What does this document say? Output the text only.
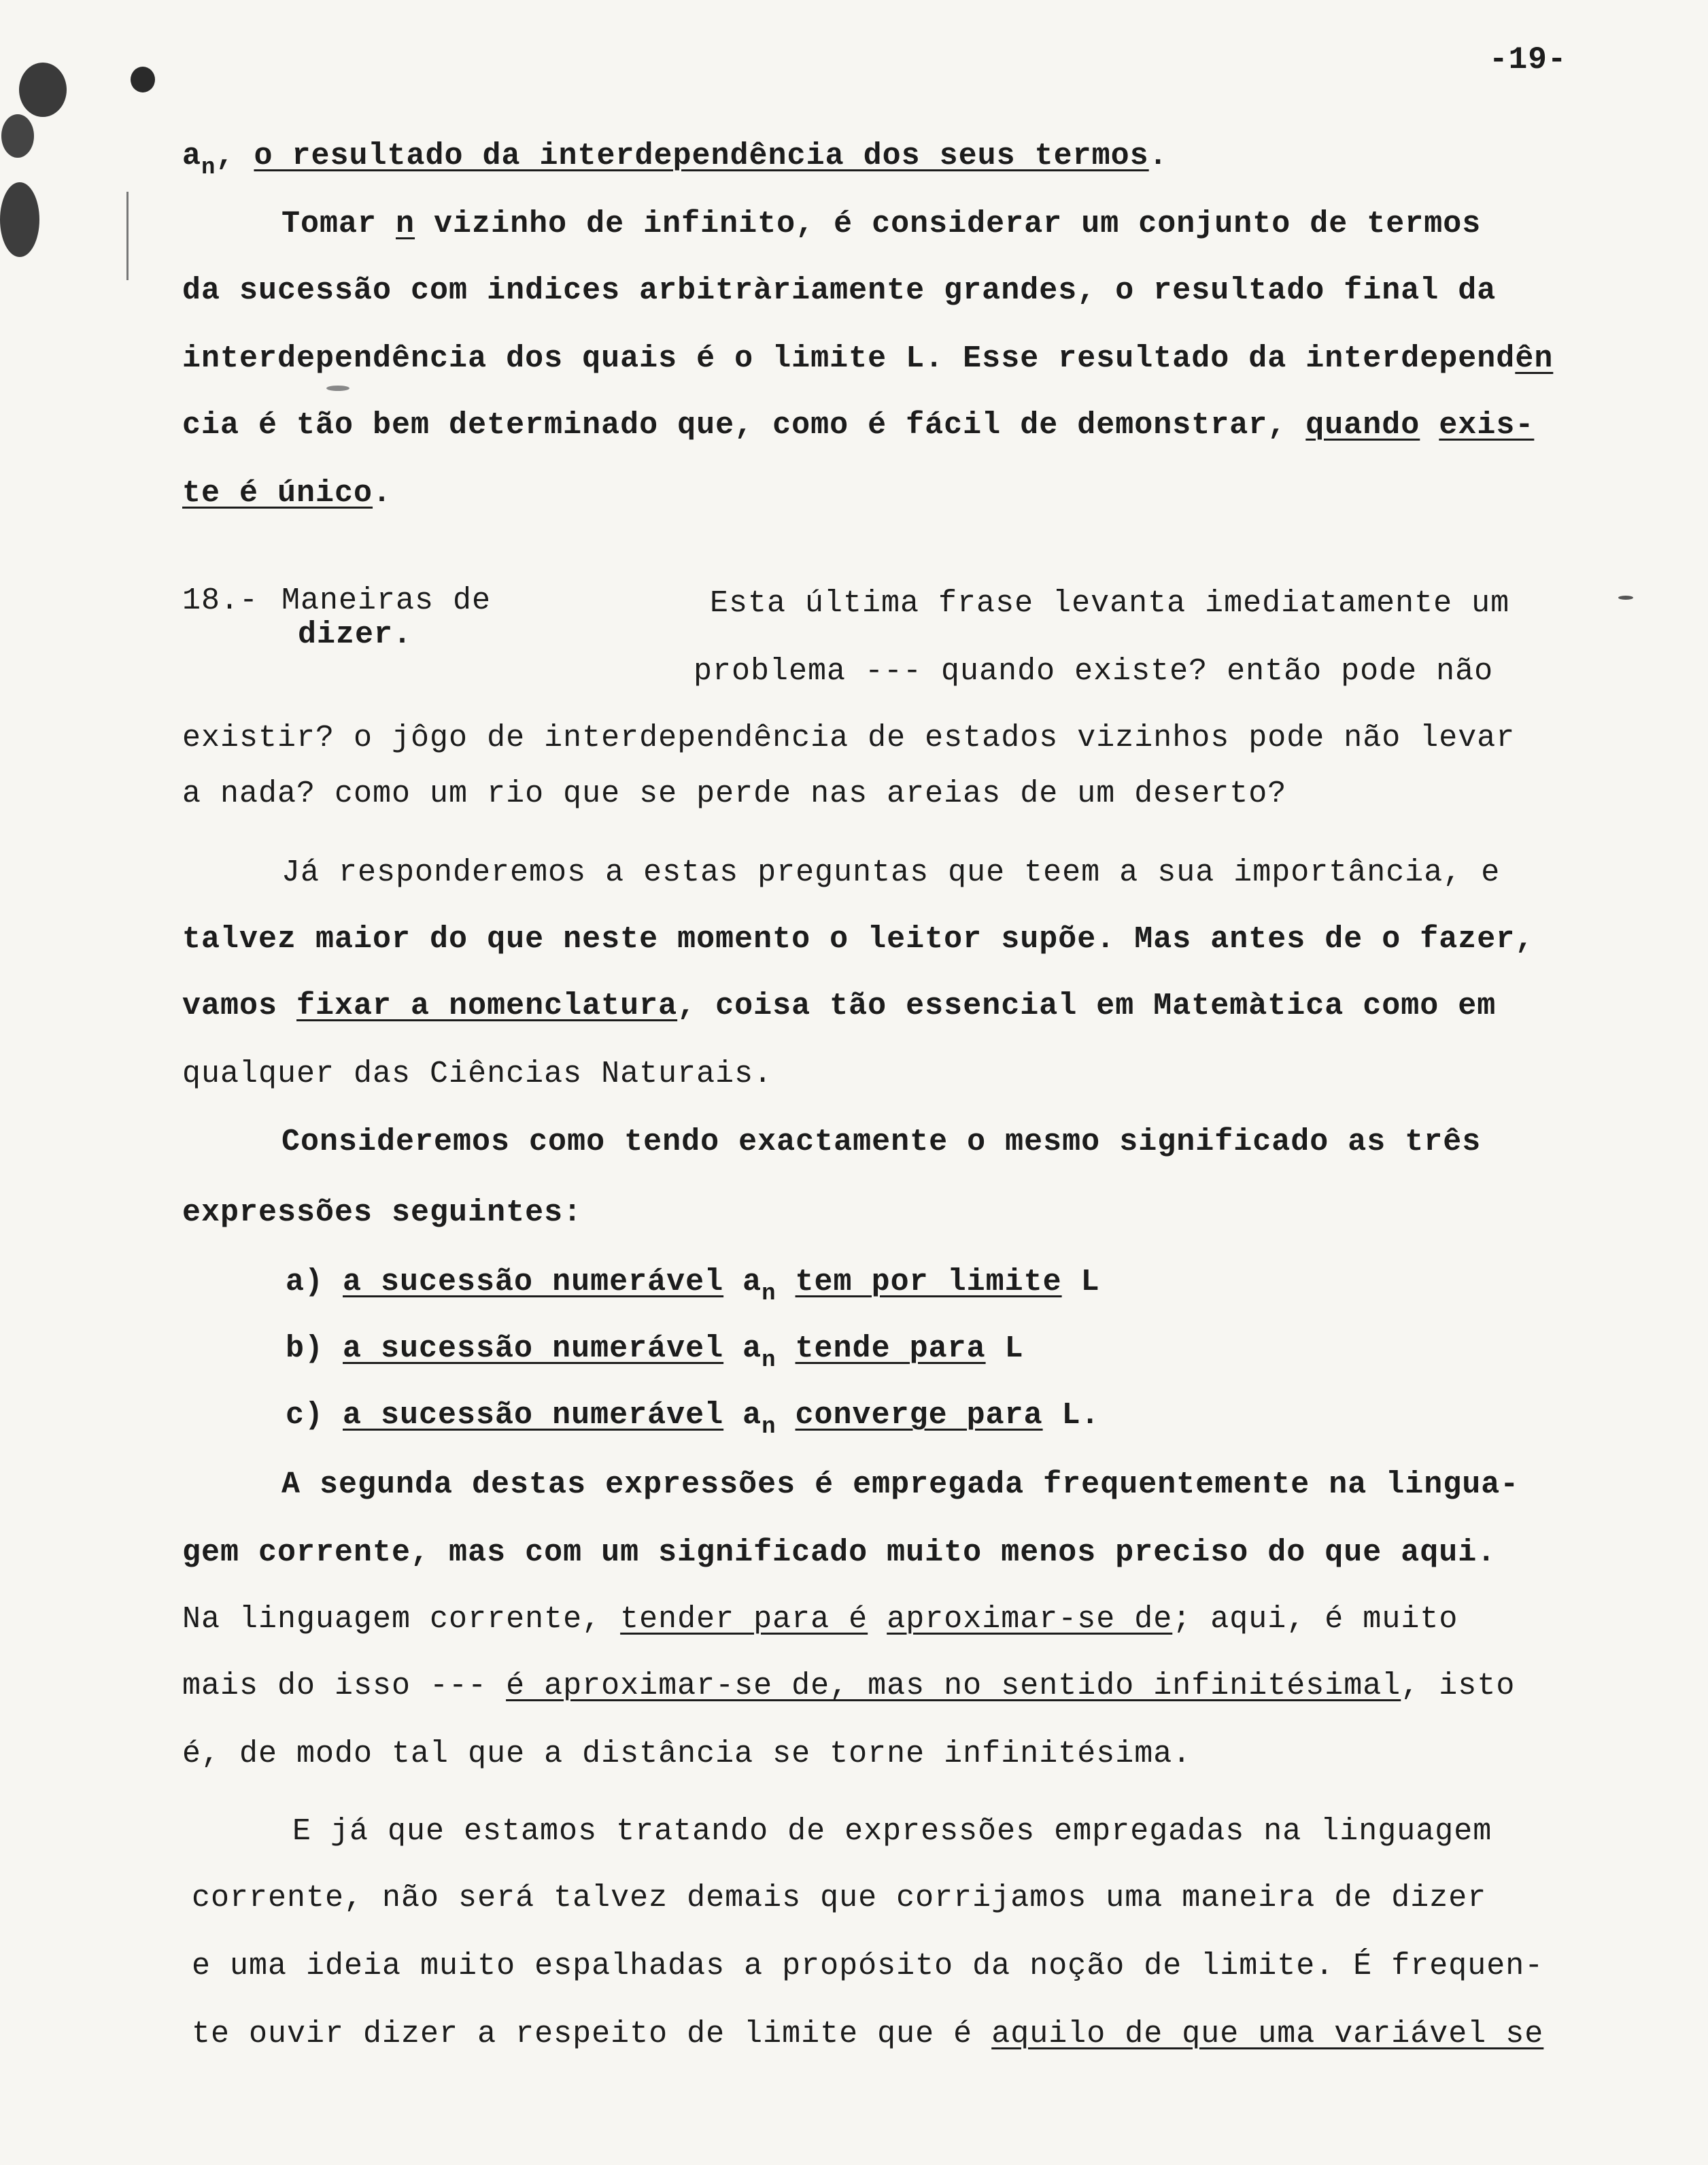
-19-
$a_n$, o resultado da interdependência dos seus termos.
Tomar n vizinho de infinito, é considerar um conjunto de termos
da sucessão com indices arbitràriamente grandes, o resultado final da
interdependência dos quais é o limite L. Esse resultado da interdependên
cia é tão bem determinado que, como é fácil de demonstrar, quando exis-
te é único.
18.- Maneiras de
dizer.
Esta última frase levanta imediatamente um
problema --- quando existe? então pode não
existir? o jôgo de interdependência de estados vizinhos pode não levar
a nada? como um rio que se perde nas areias de um deserto?
Já responderemos a estas preguntas que teem a sua importância, e
talvez maior do que neste momento o leitor supõe. Mas antes de o fazer,
vamos fixar a nomenclatura, coisa tão essencial em Matemàtica como em
qualquer das Ciências Naturais.
Consideremos como tendo exactamente o mesmo significado as três
expressões seguintes:
a) a sucessão numerável $a_n$ tem por limite L
b) a sucessão numerável $a_n$ tende para L
c) a sucessão numerável $a_n$ converge para L.
A segunda destas expressões é empregada frequentemente na lingua-
gem corrente, mas com um significado muito menos preciso do que aqui.
Na linguagem corrente, tender para é aproximar-se de; aqui, é muito
mais do isso --- é aproximar-se de, mas no sentido infinitésimal, isto
é, de modo tal que a distância se torne infinitésima.
E já que estamos tratando de expressões empregadas na linguagem
corrente, não será talvez demais que corrijamos uma maneira de dizer
e uma ideia muito espalhadas a propósito da noção de limite. É frequen-
te ouvir dizer a respeito de limite que é aquilo de que uma variável se
